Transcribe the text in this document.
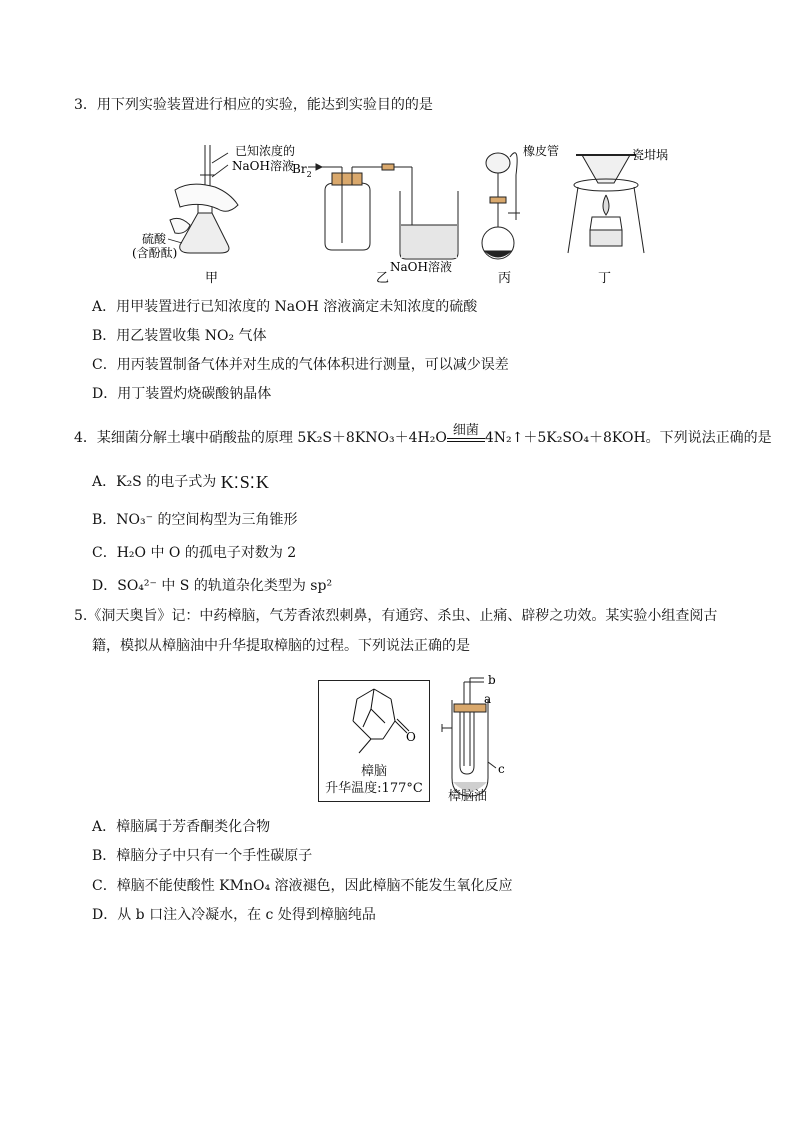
3．用下列实验装置进行相应的实验，能达到实验目的的是
已知浓度的
NaOH溶液
硫酸
(含酚酞)
甲
$Br_2$
NaOH溶液
乙
橡皮管
丙
瓷坩埚
丁
A．用甲装置进行已知浓度的 NaOH 溶液滴定未知浓度的硫酸
B．用乙装置收集 NO₂ 气体
C．用丙装置制备气体并对生成的气体体积进行测量，可以减少误差
D．用丁装置灼烧碳酸钠晶体
4．某细菌分解土壤中硝酸盐的原理 5K₂S＋8KNO₃＋4H₂O 细菌 4N₂↑＋5K₂SO₄＋8KOH。下列说法正确的是
A．K₂S 的电子式为 K⁚S⁚K
B．NO₃⁻ 的空间构型为三角锥形
C．H₂O 中 O 的孤电子对数为 2
D．SO₄²⁻ 中 S 的轨道杂化类型为 sp²
5.《洞天奥旨》记：中药樟脑，气芳香浓烈刺鼻，有通窍、杀虫、止痛、辟秽之功效。某实验小组查阅古
籍，模拟从樟脑油中升华提取樟脑的过程。下列说法正确的是
O
樟脑
升华温度:177°C
b
a
c
樟脑油
A．樟脑属于芳香酮类化合物
B．樟脑分子中只有一个手性碳原子
C．樟脑不能使酸性 KMnO₄ 溶液褪色，因此樟脑不能发生氧化反应
D．从 b 口注入冷凝水，在 c 处得到樟脑纯品
